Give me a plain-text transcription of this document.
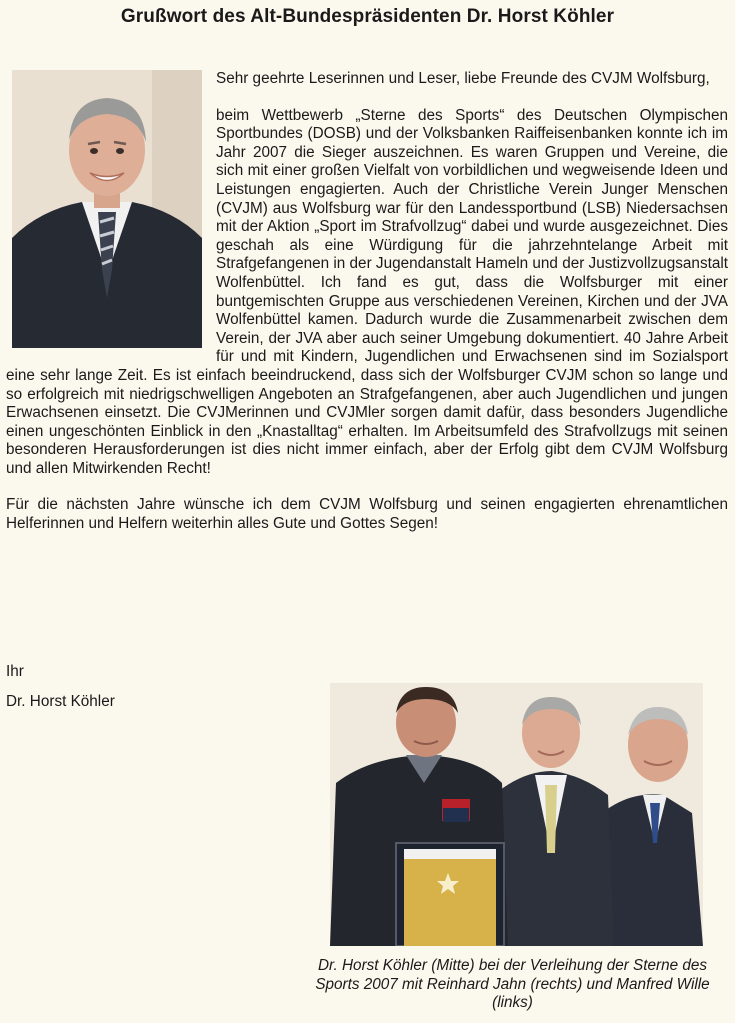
Grußwort des Alt-Bundespräsidenten Dr. Horst Köhler

Sehr geehrte Leserinnen und Leser, liebe Freunde des CVJM Wolfsburg,

beim Wettbewerb „Sterne des Sports“ des Deutschen Olympischen Sportbundes (DOSB) und der Volksbanken Raiffeisenbanken konnte ich im Jahr 2007 die Sieger auszeichnen. Es waren Gruppen und Vereine, die sich mit einer großen Vielfalt von vorbildlichen und wegweisende Ideen und Leistungen engagierten. Auch der Christliche Verein Junger Menschen (CVJM) aus Wolfsburg war für den Landessportbund (LSB) Niedersachsen mit der Aktion „Sport im Strafvollzug“ dabei und wurde ausgezeichnet. Dies geschah als eine Würdigung für die jahrzehntelange Arbeit mit Strafgefangenen in der Jugendanstalt Hameln und der Justizvollzugsanstalt Wolfenbüttel. Ich fand es gut, dass die Wolfsburger mit einer buntgemischten Gruppe aus verschiedenen Vereinen, Kirchen und der JVA Wolfenbüttel kamen. Dadurch wurde die Zusammenarbeit zwischen dem Verein, der JVA aber auch seiner Umgebung dokumentiert. 40 Jahre Arbeit für und mit Kindern, Jugendlichen und Erwachsenen sind im Sozialsport eine sehr lange Zeit. Es ist einfach beeindruckend, dass sich der Wolfsburger CVJM schon so lange und so erfolgreich mit niedrigschwelligen Angeboten an Strafgefangenen, aber auch Jugendlichen und jungen Erwachsenen einsetzt. Die CVJMerinnen und CVJMler sorgen damit dafür, dass besonders Jugendliche einen ungeschönten Einblick in den „Knastalltag“ erhalten. Im Arbeitsumfeld des Strafvollzugs mit seinen besonderen Herausforderungen ist dies nicht immer einfach, aber der Erfolg gibt dem CVJM Wolfsburg und allen Mitwirkenden Recht!

Für die nächsten Jahre wünsche ich dem CVJM Wolfsburg und seinen engagierten ehrenamtlichen Helferinnen und Helfern weiterhin alles Gute und Gottes Segen!

Ihr
Dr. Horst Köhler
Dr. Horst Köhler (Mitte) bei der Verleihung der Sterne des Sports 2007 mit Reinhard Jahn (rechts) und Manfred Wille (links)
